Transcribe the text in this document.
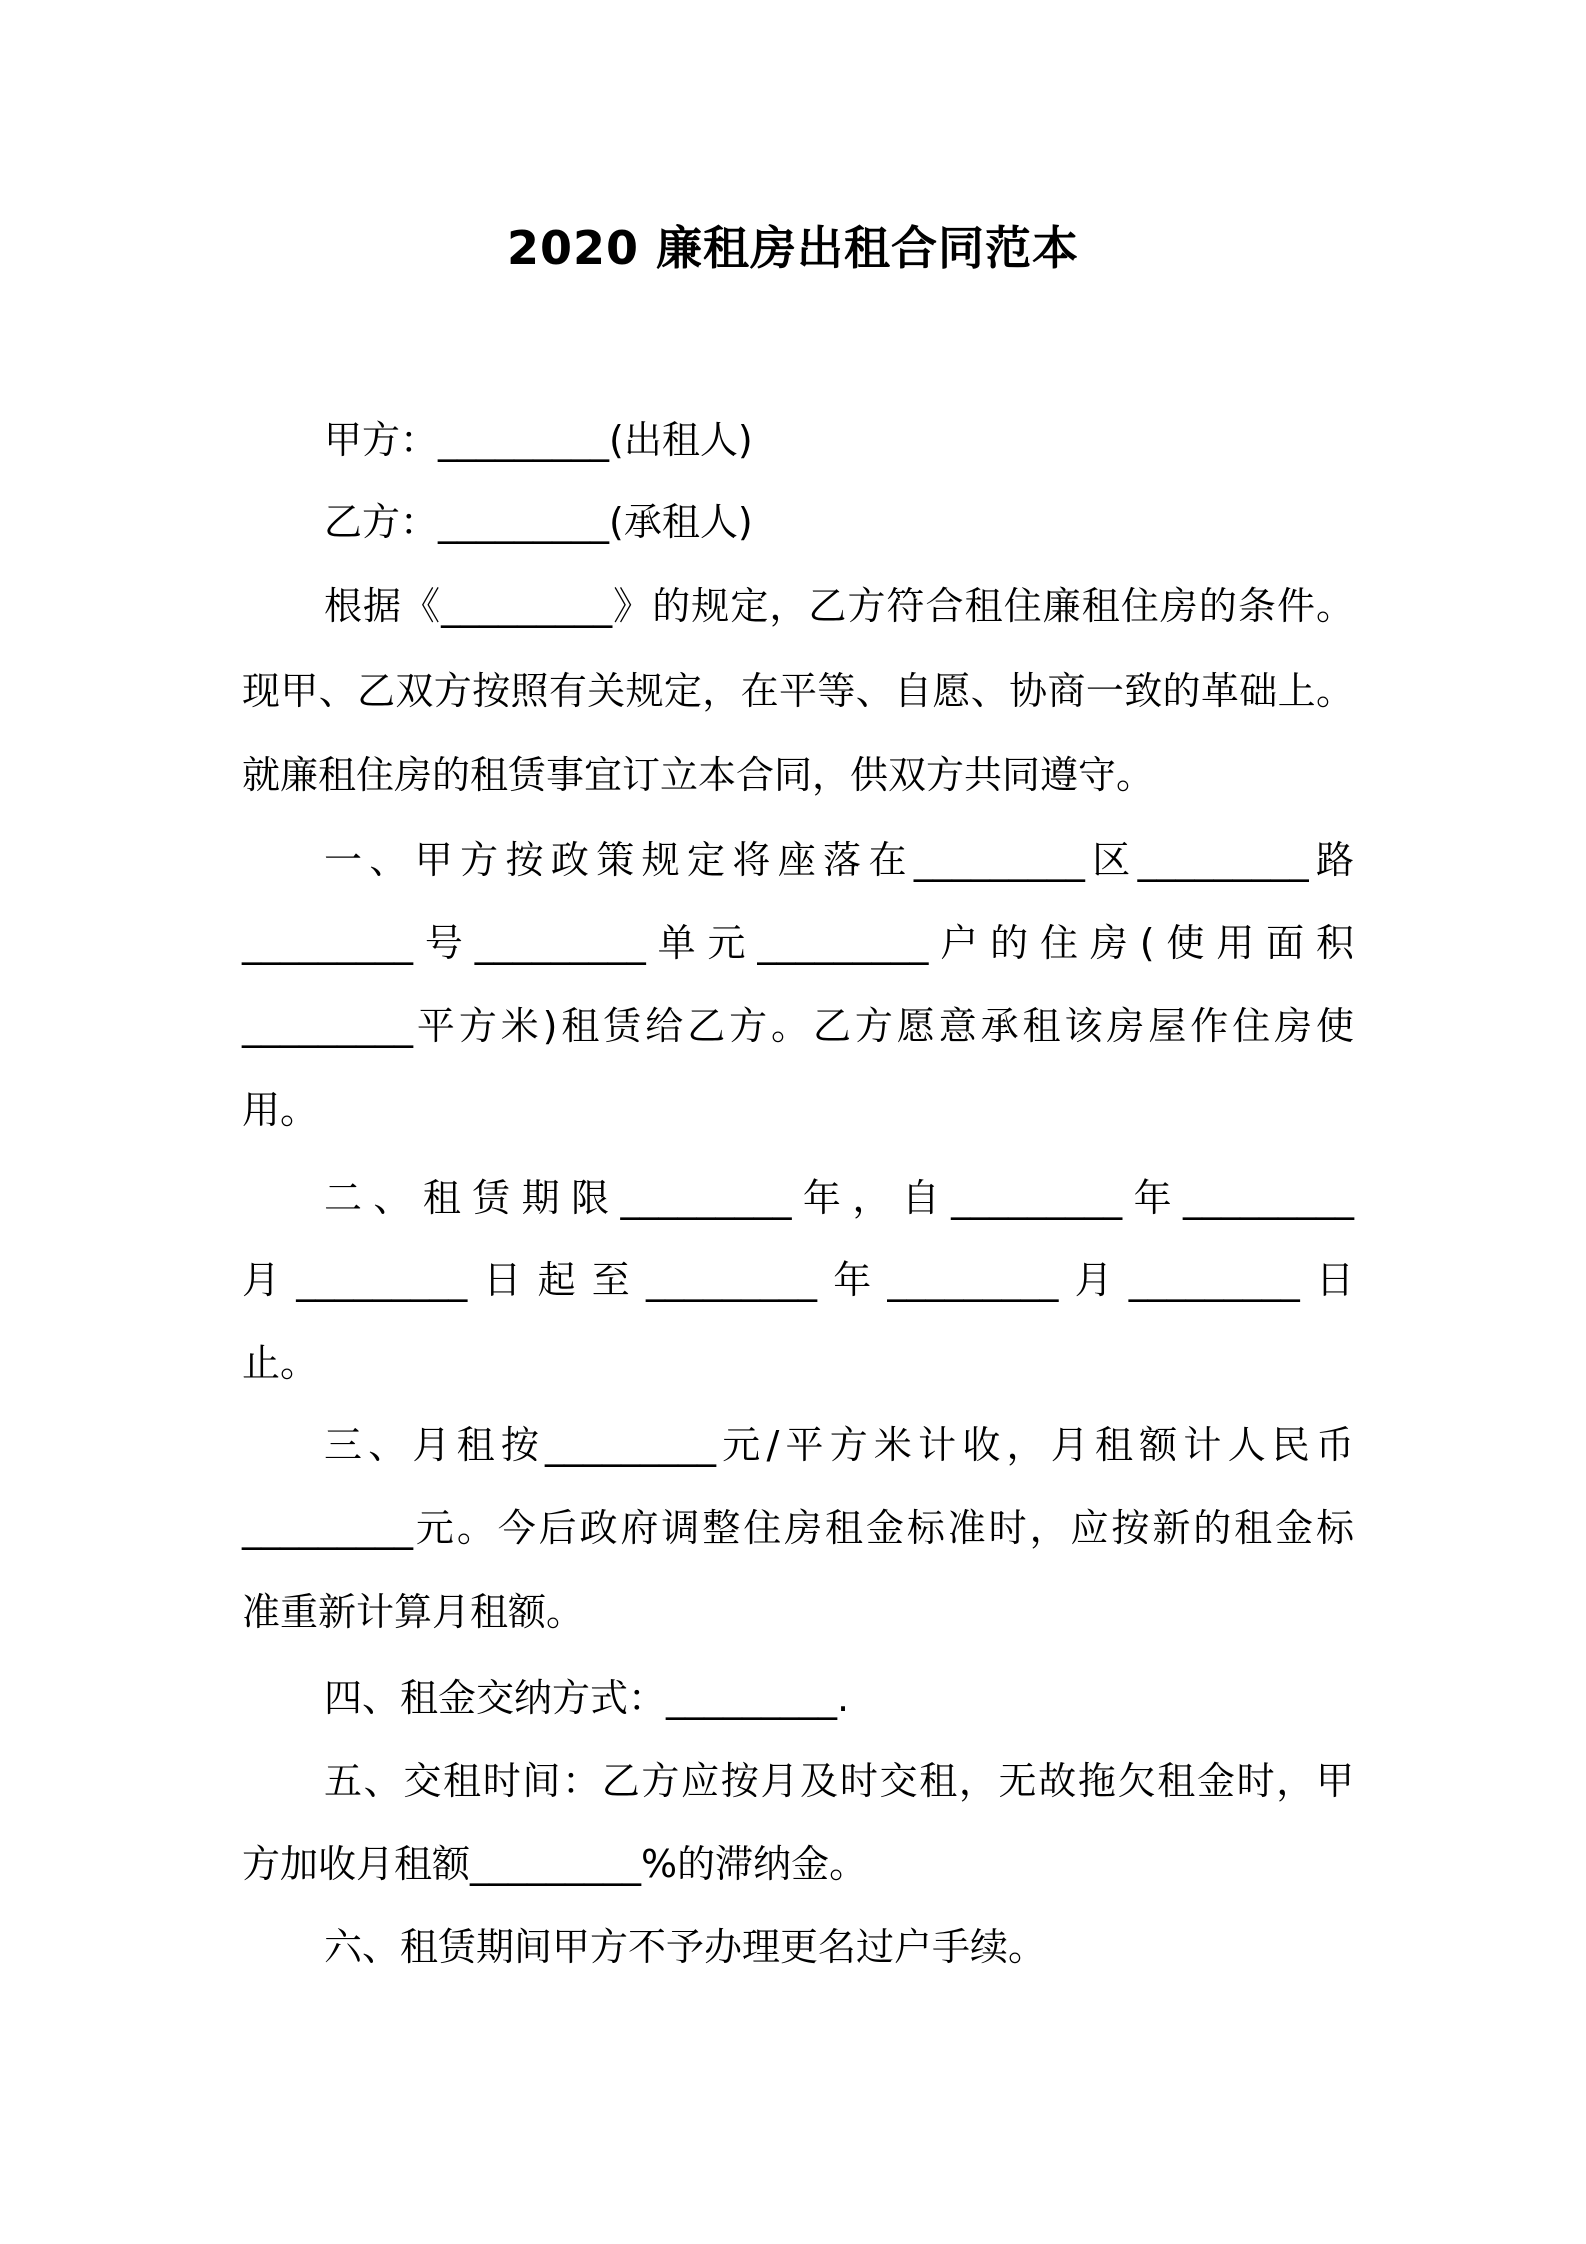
2020 廉租房出租合同范本

甲方：_________(出租人)

乙方：_________(承租人)

根据《_________》的规定，乙方符合租住廉租住房的条件。

现甲、乙双方按照有关规定，在平等、自愿、协商一致的革础上。

就廉租住房的租赁事宜订立本合同，供双方共同遵守。

一、甲方按政策规定将座落在_________区_________路

_________号_________单元_________户的住房(使用面积

_________平方米)租赁给乙方。乙方愿意承租该房屋作住房使

用。

二、租赁期限_________年，自_________年_________

月_________日起至_________年_________月_________日

止。

三、月租按_________元/平方米计收，月租额计人民币

_________元。今后政府调整住房租金标准时，应按新的租金标

准重新计算月租额。

四、租金交纳方式：_________.

五、交租时间：乙方应按月及时交租，无故拖欠租金时，甲

方加收月租额_________%的滞纳金。

六、租赁期间甲方不予办理更名过户手续。
